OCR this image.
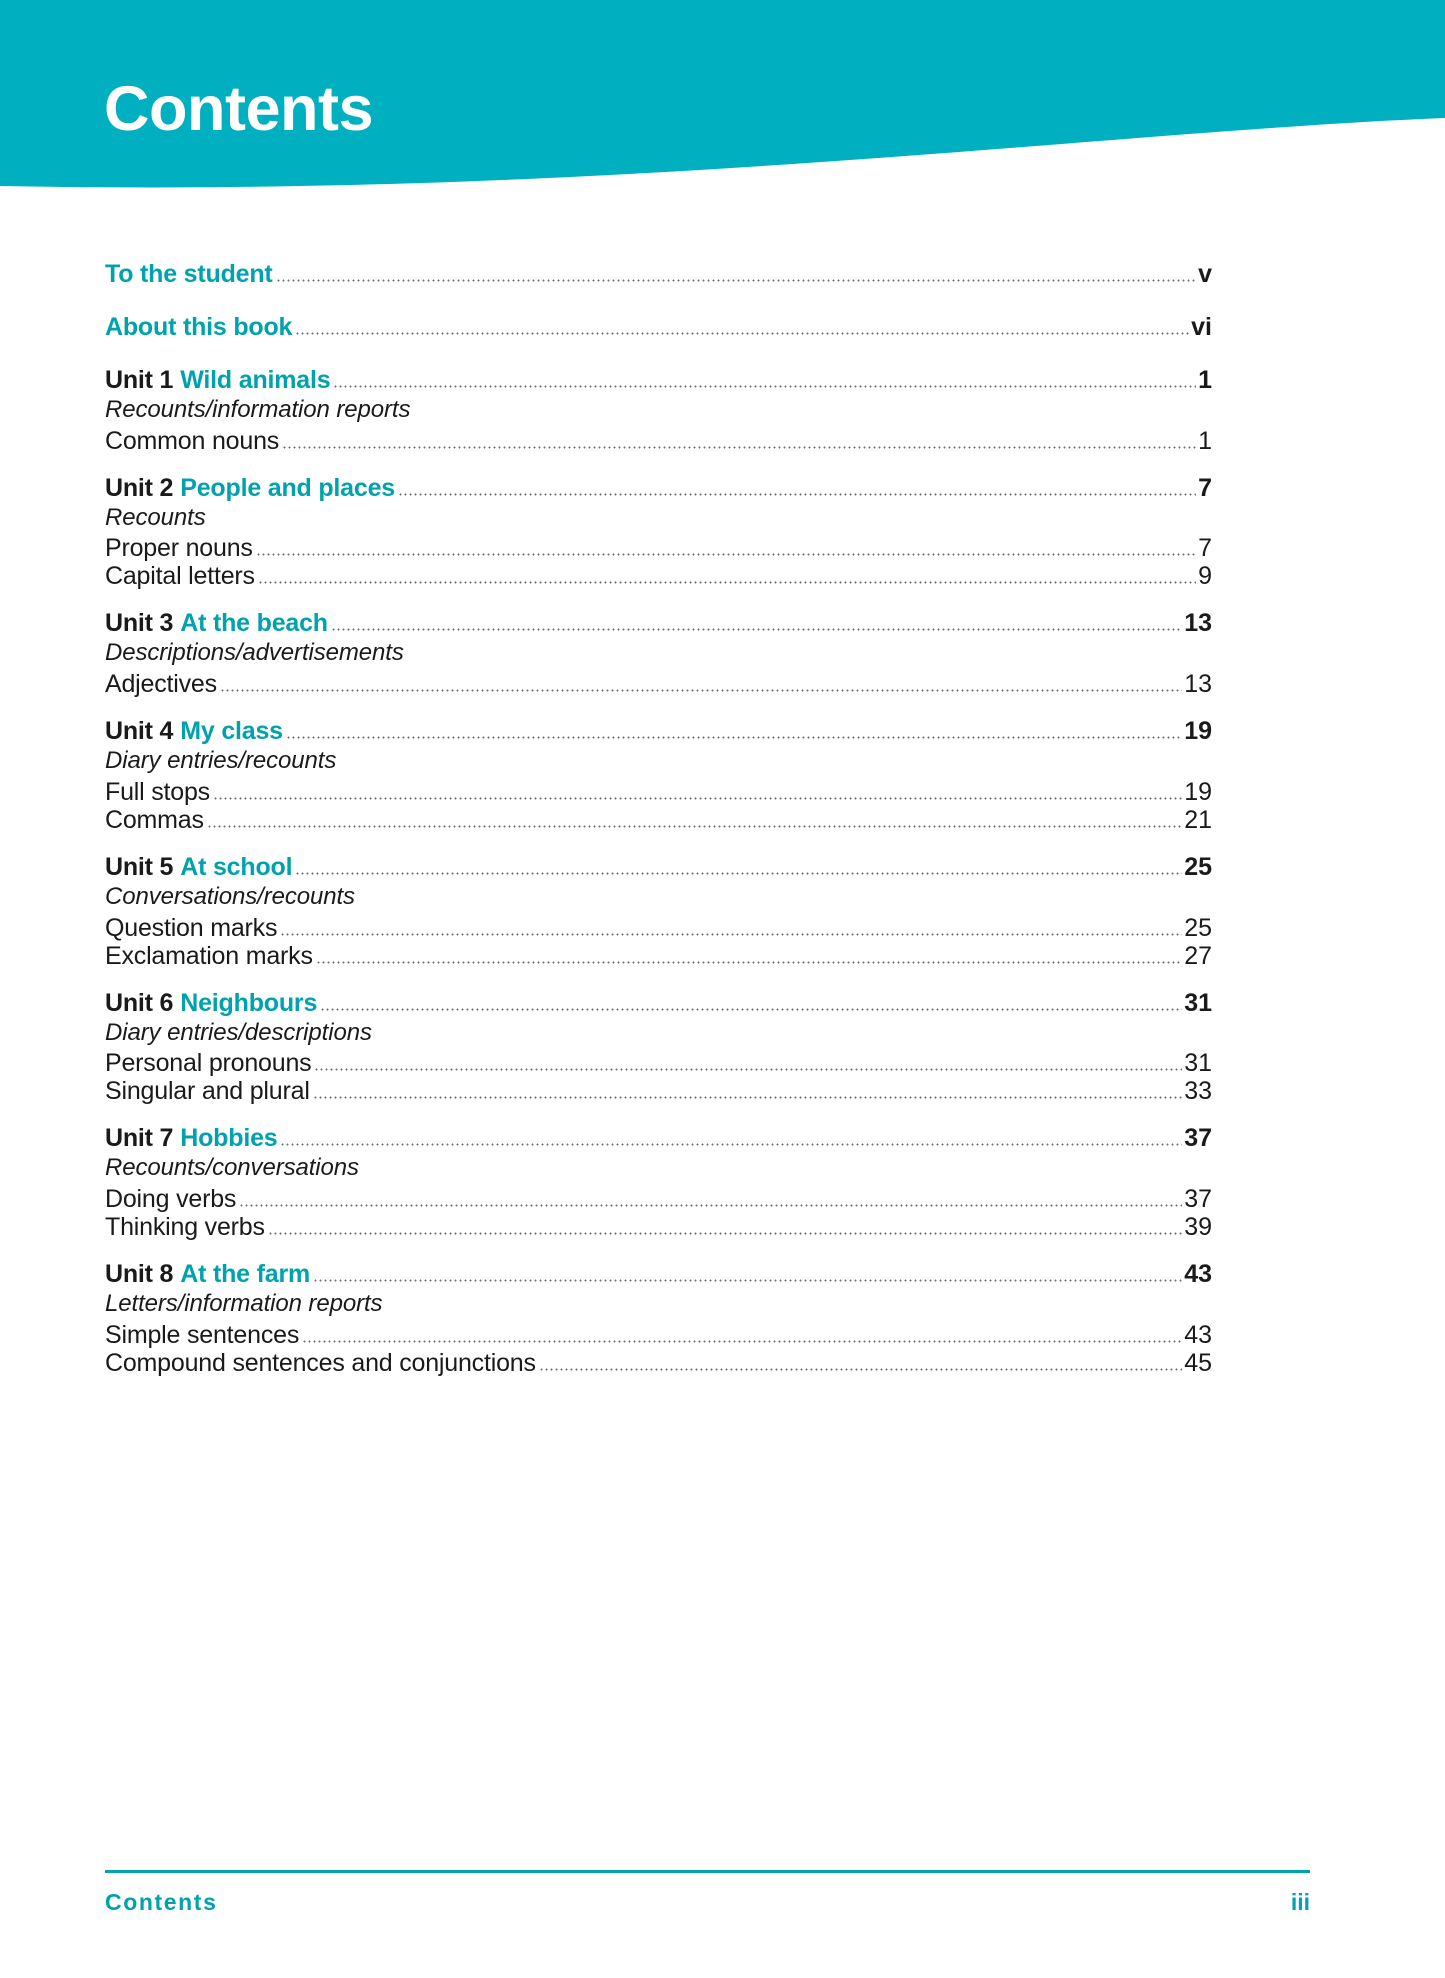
Contents
To the student	v
About this book	vi
Unit 1 Wild animals	1
Recounts/information reports
Common nouns	1
Unit 2 People and places	7
Recounts
Proper nouns	7
Capital letters	9
Unit 3 At the beach	13
Descriptions/advertisements
Adjectives	13
Unit 4 My class	19
Diary entries/recounts
Full stops	19
Commas	21
Unit 5 At school	25
Conversations/recounts
Question marks	25
Exclamation marks	27
Unit 6 Neighbours	31
Diary entries/descriptions
Personal pronouns	31
Singular and plural	33
Unit 7 Hobbies	37
Recounts/conversations
Doing verbs	37
Thinking verbs	39
Unit 8 At the farm	43
Letters/information reports
Simple sentences	43
Compound sentences and conjunctions	45
Contents	iii
